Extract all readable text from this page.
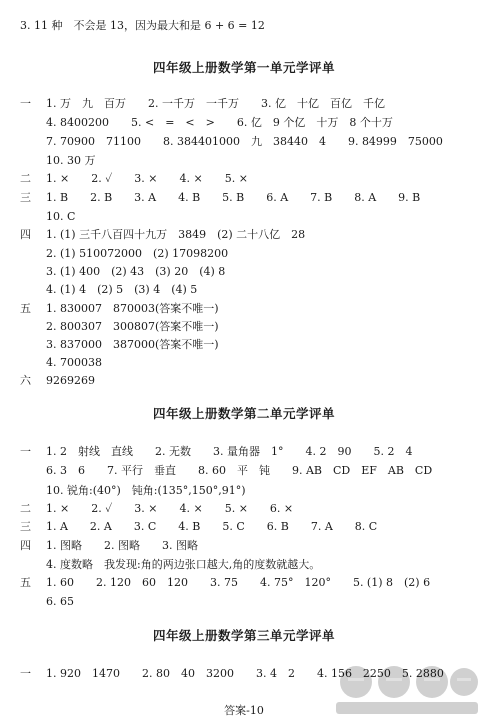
3. 11 种　不会是 13，因为最大和是 6 + 6 = 12
四年级上册数学第一单元学评单
一 1. 万　九　百万　　2. 一千万　一千万　　3. 亿　十亿　百亿　千亿
4. 8400200　　5. <　=　<　>　　6. 亿　9 个亿　十万　8 个十万
7. 70900　71100　　8. 384401000　九　38440　4　　9. 84999　75000
10. 30 万
二 1. ×　　2. ✓　　3. ×　　4. ×　　5. ×
三 1. B　　2. B　　3. A　　4. B　　5. B　　6. A　　7. B　　8. A　　9. B
10. C
四 1. (1) 三千八百四十九万　3849　(2) 二十八亿　28
2. (1) 510072000　(2) 17098200
3. (1) 400　(2) 43　(3) 20　(4) 8
4. (1) 4　(2) 5　(3) 4　(4) 5
五 1. 830007　870003(答案不唯一)
2. 800307　300807(答案不唯一)
3. 837000　387000(答案不唯一)
4. 700038
六 9269269
四年级上册数学第二单元学评单
一 1. 2　射线　直线　　2. 无数　　3. 量角器　1°　　4. 2　90　　5. 2　4
6. 3　6　　7. 平行　垂直　　8. 60　平　钝　　9. AB　CD　EF　AB　CD
10. 锐角:(40°)　钝角:(135°,150°,91°)
二 1. ×　　2. ✓　　3. ×　　4. ×　　5. ×　　6. ×
三 1. A　　2. A　　3. C　　4. B　　5. C　　6. B　　7. A　　8. C
四 1. 图略　　2. 图略　　3. 图略
4. 度数略　我发现:角的两边张口越大,角的度数就越大。
五 1. 60　　2. 120　60　120　　3. 75　　4. 75°　120°　　5. (1) 8　(2) 6
6. 65
四年级上册数学第三单元学评单
一 1. 920　1470　　2. 80　40　3200　　3. 4　2　　4. 156　2250　5. 2880
答案-10
